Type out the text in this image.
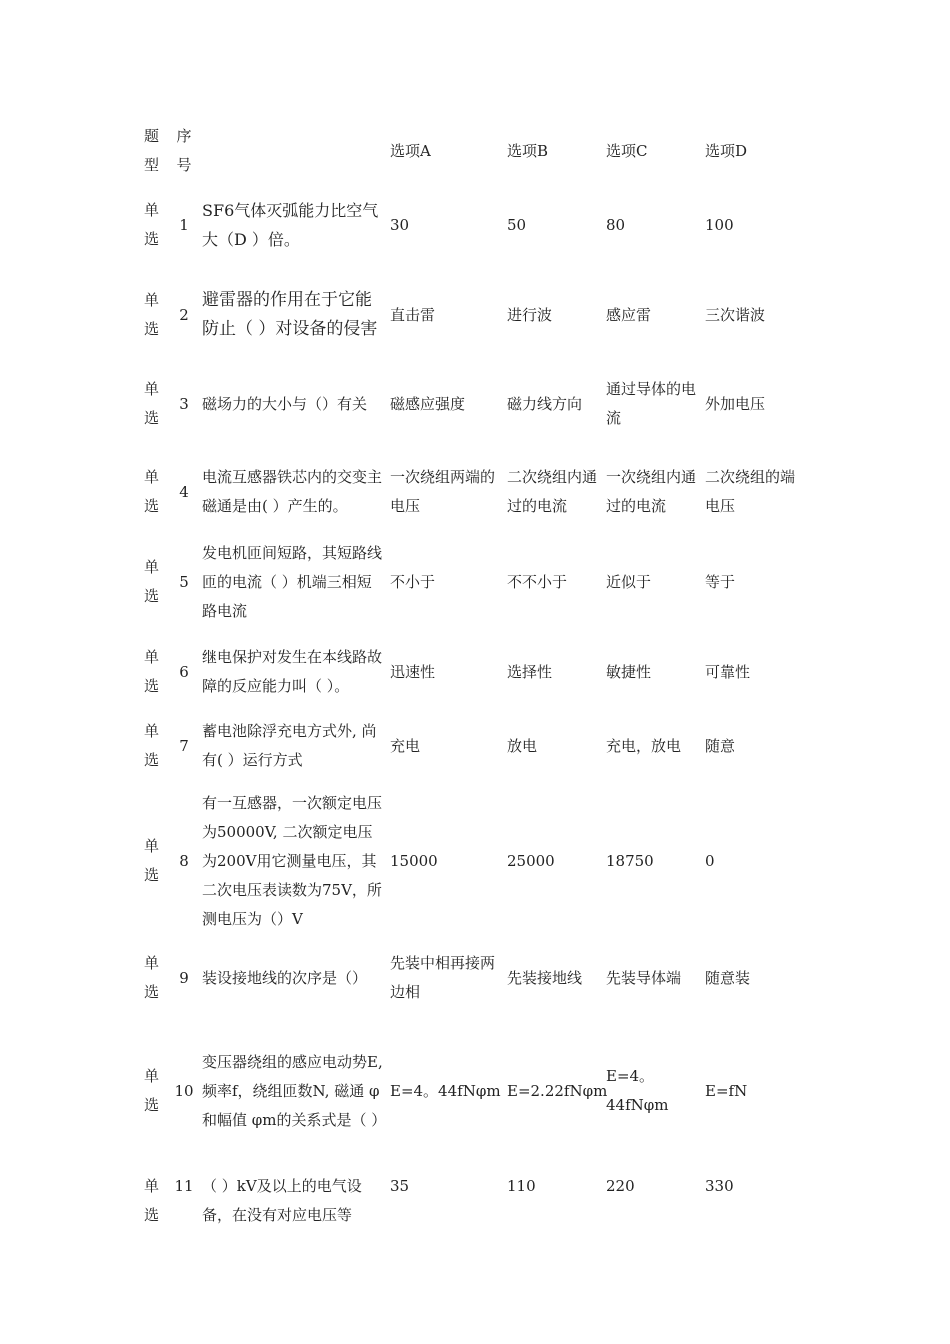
题型	序号		选项A	选项B	选项C	选项D
单选	1	SF6气体灭弧能力比空气大（D ）倍。	30	50	80	100
单选	2	避雷器的作用在于它能防止（ ）对设备的侵害	直击雷	进行波	感应雷	三次谐波
单选	3	磁场力的大小与（）有关	磁感应强度	磁力线方向	通过导体的电流	外加电压
单选	4	电流互感器铁芯内的交变主磁通是由( ）产生的。	一次绕组两端的电压	二次绕组内通过的电流	一次绕组内通过的电流	二次绕组的端电压
单选	5	发电机匝间短路，其短路线匝的电流（ ）机端三相短路电流	不小于	不不小于	近似于	等于
单选	6	继电保护对发生在本线路故障的反应能力叫（ ）。	迅速性	选择性	敏捷性	可靠性
单选	7	蓄电池除浮充电方式外, 尚有( ）运行方式	充电	放电	充电，放电	随意
单选	8	有一互感器，一次额定电压为50000V, 二次额定电压为200V用它测量电压，其二次电压表读数为75V，所测电压为（）V	15000	25000	18750	0
单选	9	装设接地线的次序是（）	先装中相再接两边相	先装接地线	先装导体端	随意装
单选	10	变压器绕组的感应电动势E, 频率f，绕组匝数N, 磁通 φ 和幅值 φm的关系式是（ ）	E=4。44fNφm	E=2.22fNφm	E=4。44fNφm	E=fN
单选	11	（ ）kV及以上的电气设备，在没有对应电压等	35	110	220	330
